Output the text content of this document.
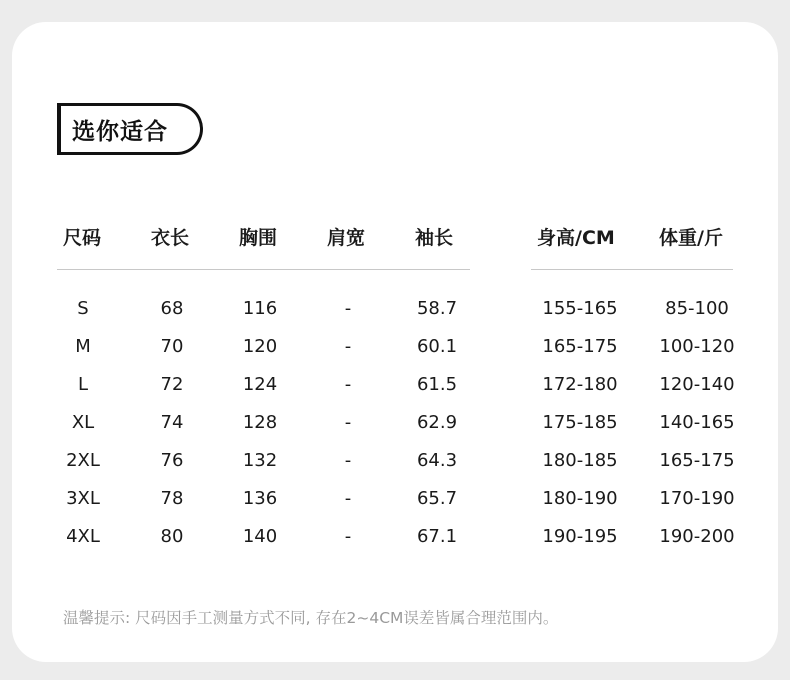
选你适合
尺码	衣长	胸围	肩宽	袖长	身高/CM 体重/斤
S	68	116	-	58.7	155-165	85-100
M	70	120	-	60.1	165-175 100-120
L	72	124	-	61.5	172-180 120-140
XL	74	128	-	62.9	175-185 140-165
2XL	76	132	-	64.3	180-185 165-175
3XL	78	136	-	65.7	180-190 170-190
4XL	80	140	-	67.1	190-195 190-200
温馨提示: 尺码因手工测量方式不同, 存在2~4CM误差皆属合理范围内。
